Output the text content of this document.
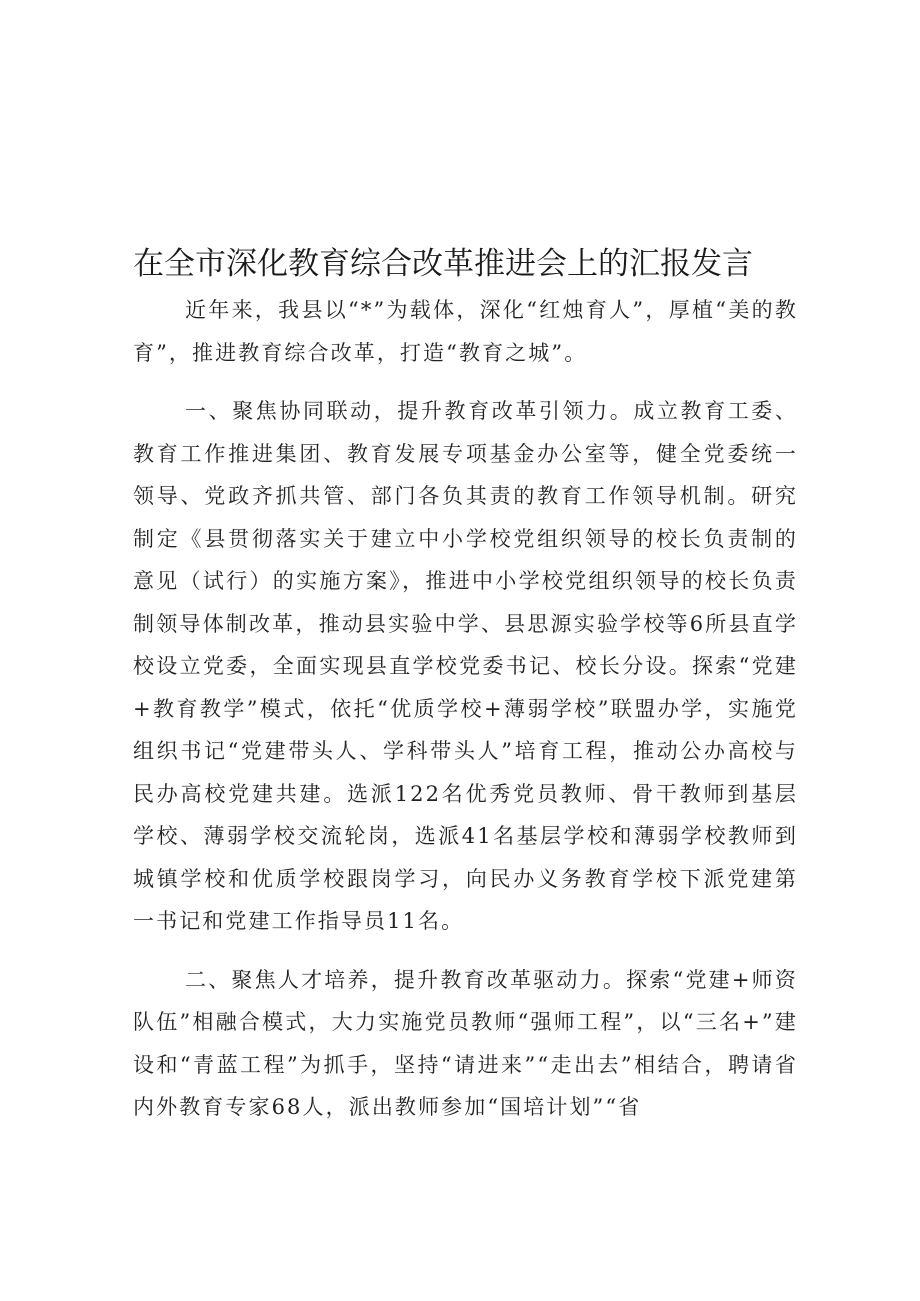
在全市深化教育综合改革推进会上的汇报发言

近年来，我县以“*”为载体，深化“红烛育人”，厚植“美的教育”，推进教育综合改革，打造“教育之城”。

一、聚焦协同联动，提升教育改革引领力。成立教育工委、教育工作推进集团、教育发展专项基金办公室等，健全党委统一领导、党政齐抓共管、部门各负其责的教育工作领导机制。研究制定《县贯彻落实关于建立中小学校党组织领导的校长负责制的意见（试行）的实施方案》，推进中小学校党组织领导的校长负责制领导体制改革，推动县实验中学、县思源实验学校等6所县直学校设立党委，全面实现县直学校党委书记、校长分设。探索“党建+教育教学”模式，依托“优质学校+薄弱学校”联盟办学，实施党组织书记“党建带头人、学科带头人”培育工程，推动公办高校与民办高校党建共建。选派122名优秀党员教师、骨干教师到基层学校、薄弱学校交流轮岗，选派41名基层学校和薄弱学校教师到城镇学校和优质学校跟岗学习，向民办义务教育学校下派党建第一书记和党建工作指导员11名。

二、聚焦人才培养，提升教育改革驱动力。探索“党建+师资队伍”相融合模式，大力实施党员教师“强师工程”，以“三名+”建设和“青蓝工程”为抓手，坚持“请进来”“走出去”相结合，聘请省内外教育专家68人，派出教师参加“国培计划”“省
